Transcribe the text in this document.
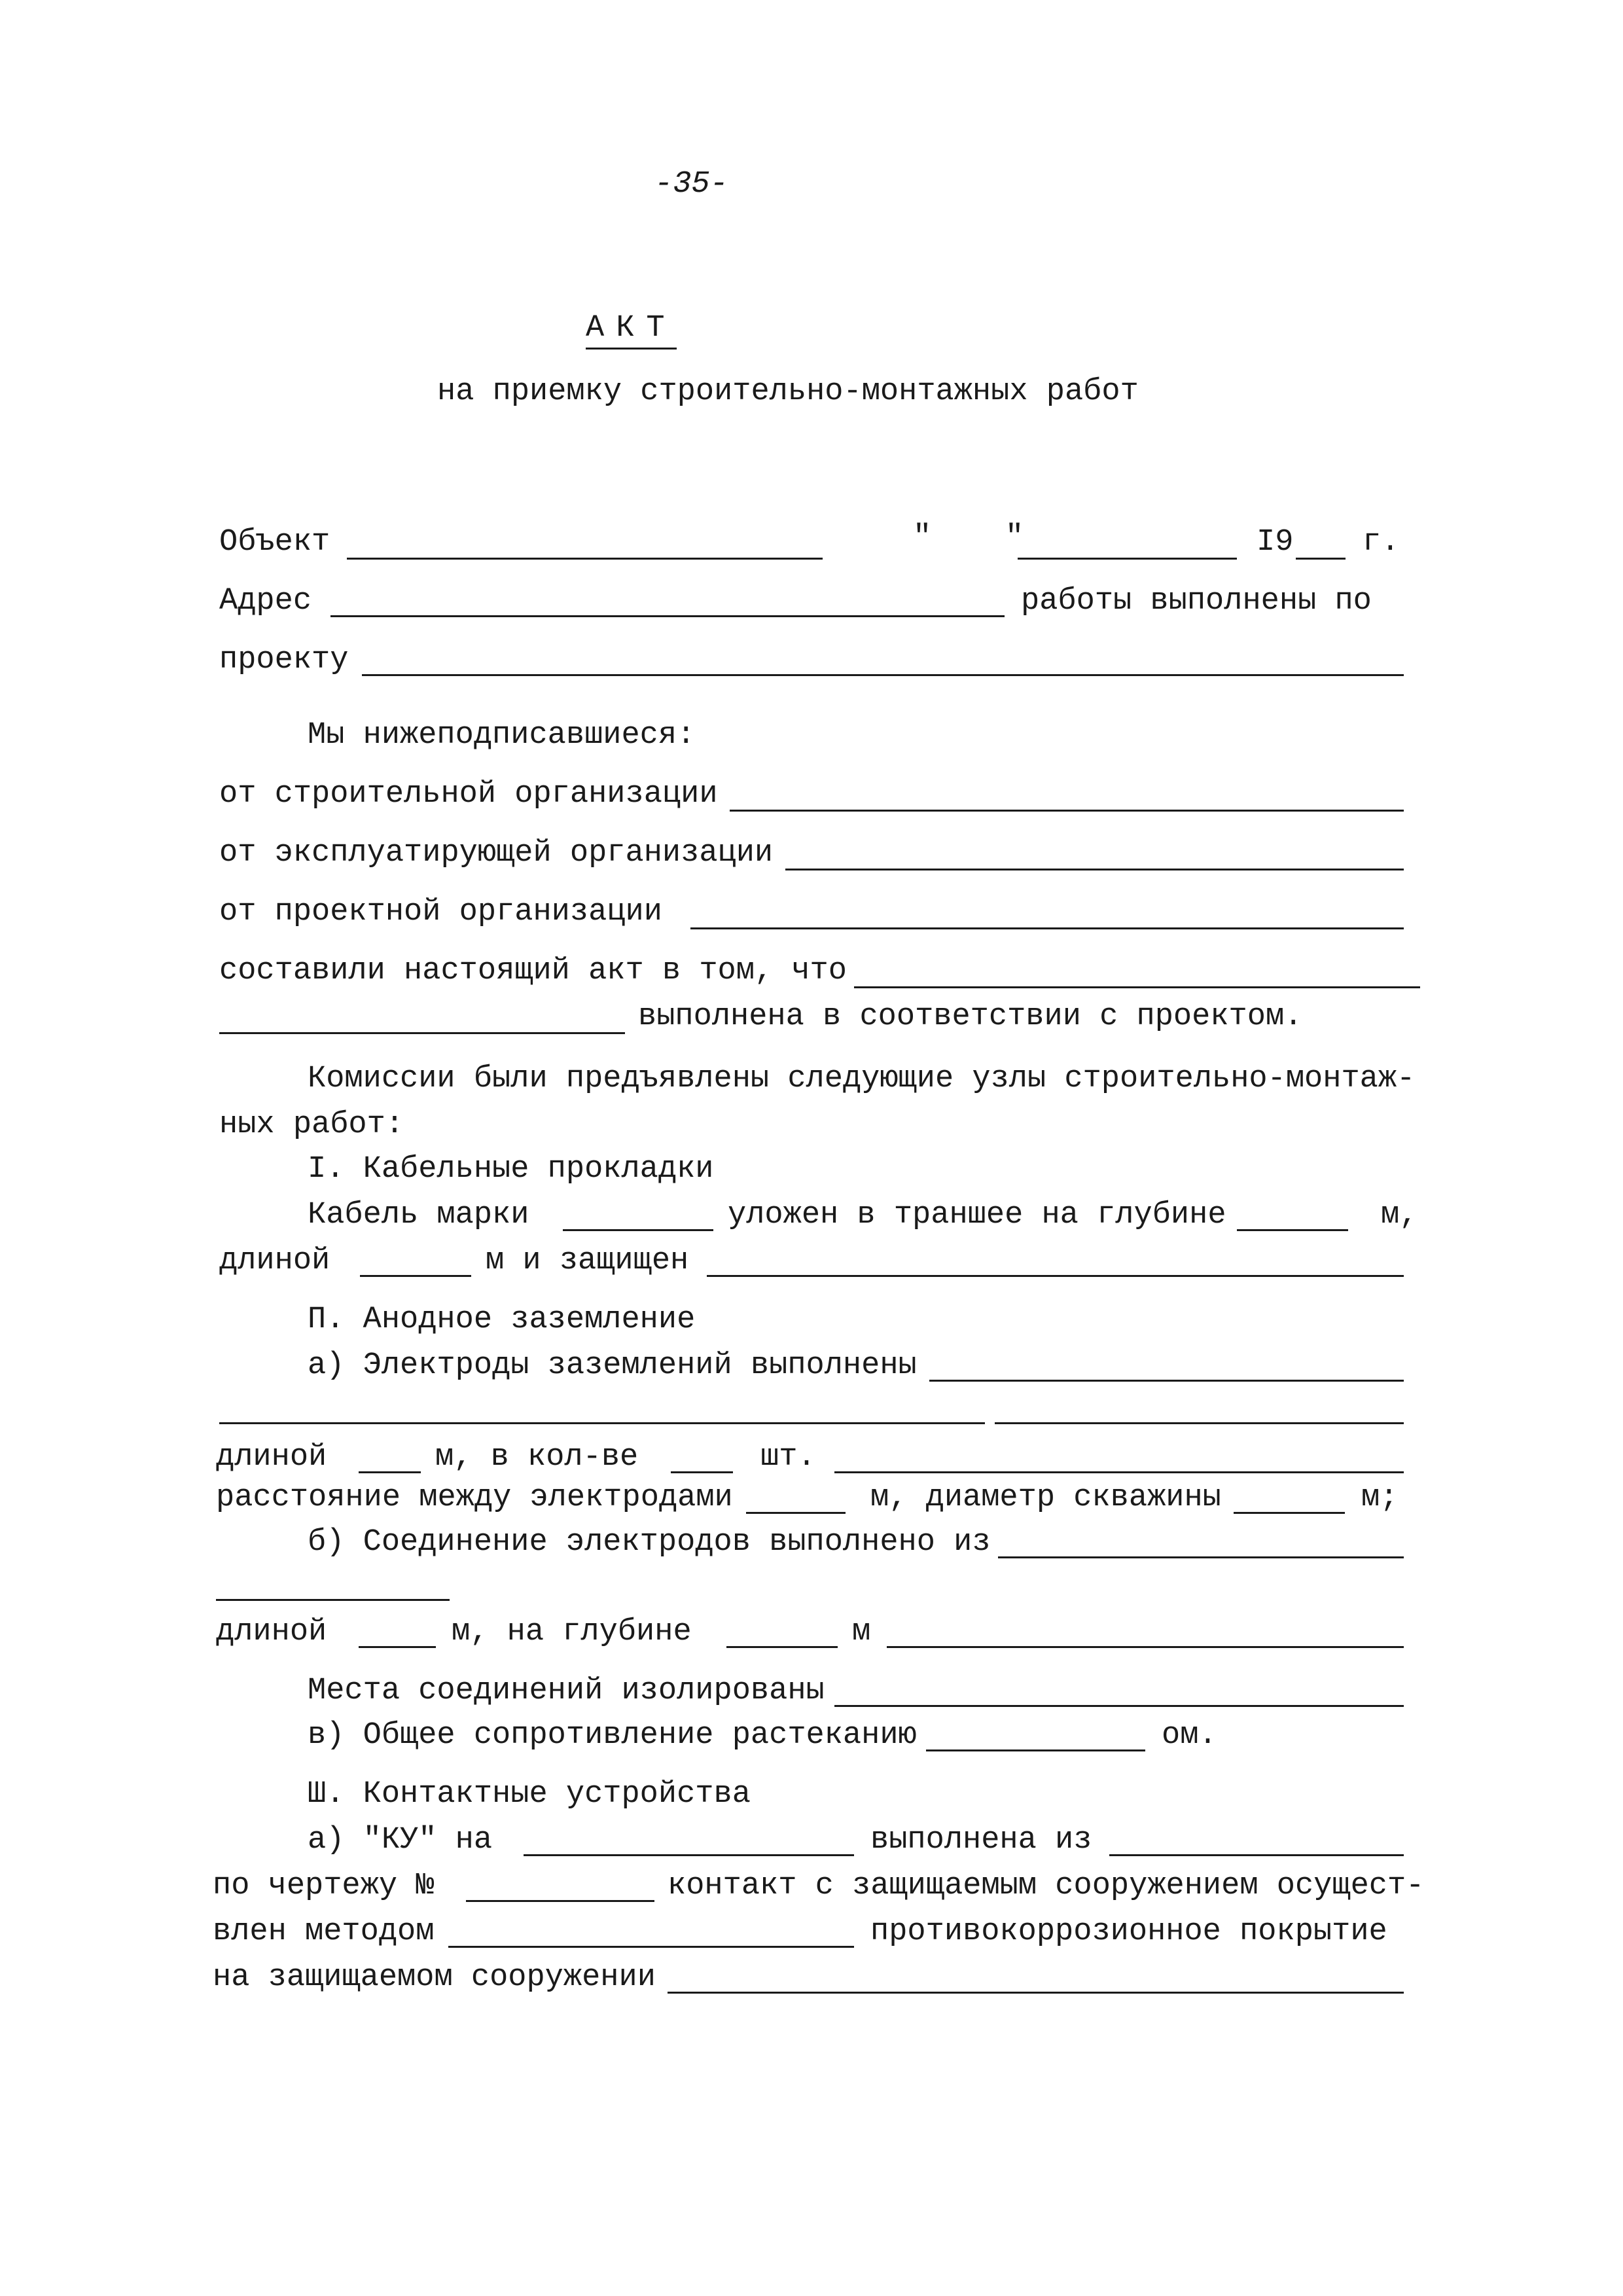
-35-
АКТ
на приемку строительно-монтажных работ
Объект	"    "	I9 г.
Адрес	работы выполнены по
проекту
Мы нижеподписавшиеся:
от строительной организации
от эксплуатирующей организации
от проектной организации
составили настоящий акт в том, что
выполнена в соответствии с проектом.
Комиссии были предъявлены следующие узлы строительно-монтаж-
ных работ:
I. Кабельные прокладки
Кабель марки	уложен в траншее на глубине	м,
длиной	м и защищен
П. Анодное заземление
а) Электроды заземлений выполнены
длиной	м, в кол-ве	шт.
расстояние между электродами	м, диаметр скважины	м;
б) Соединение электродов выполнено из
длиной	м, на глубине	м
Места соединений изолированы
в) Общее сопротивление растеканию	ом.
Ш. Контактные устройства
а) "КУ" на	выполнена из
по чертежу №	контакт с защищаемым сооружением осущест-
влен методом	противокоррозионное покрытие
на защищаемом сооружении
